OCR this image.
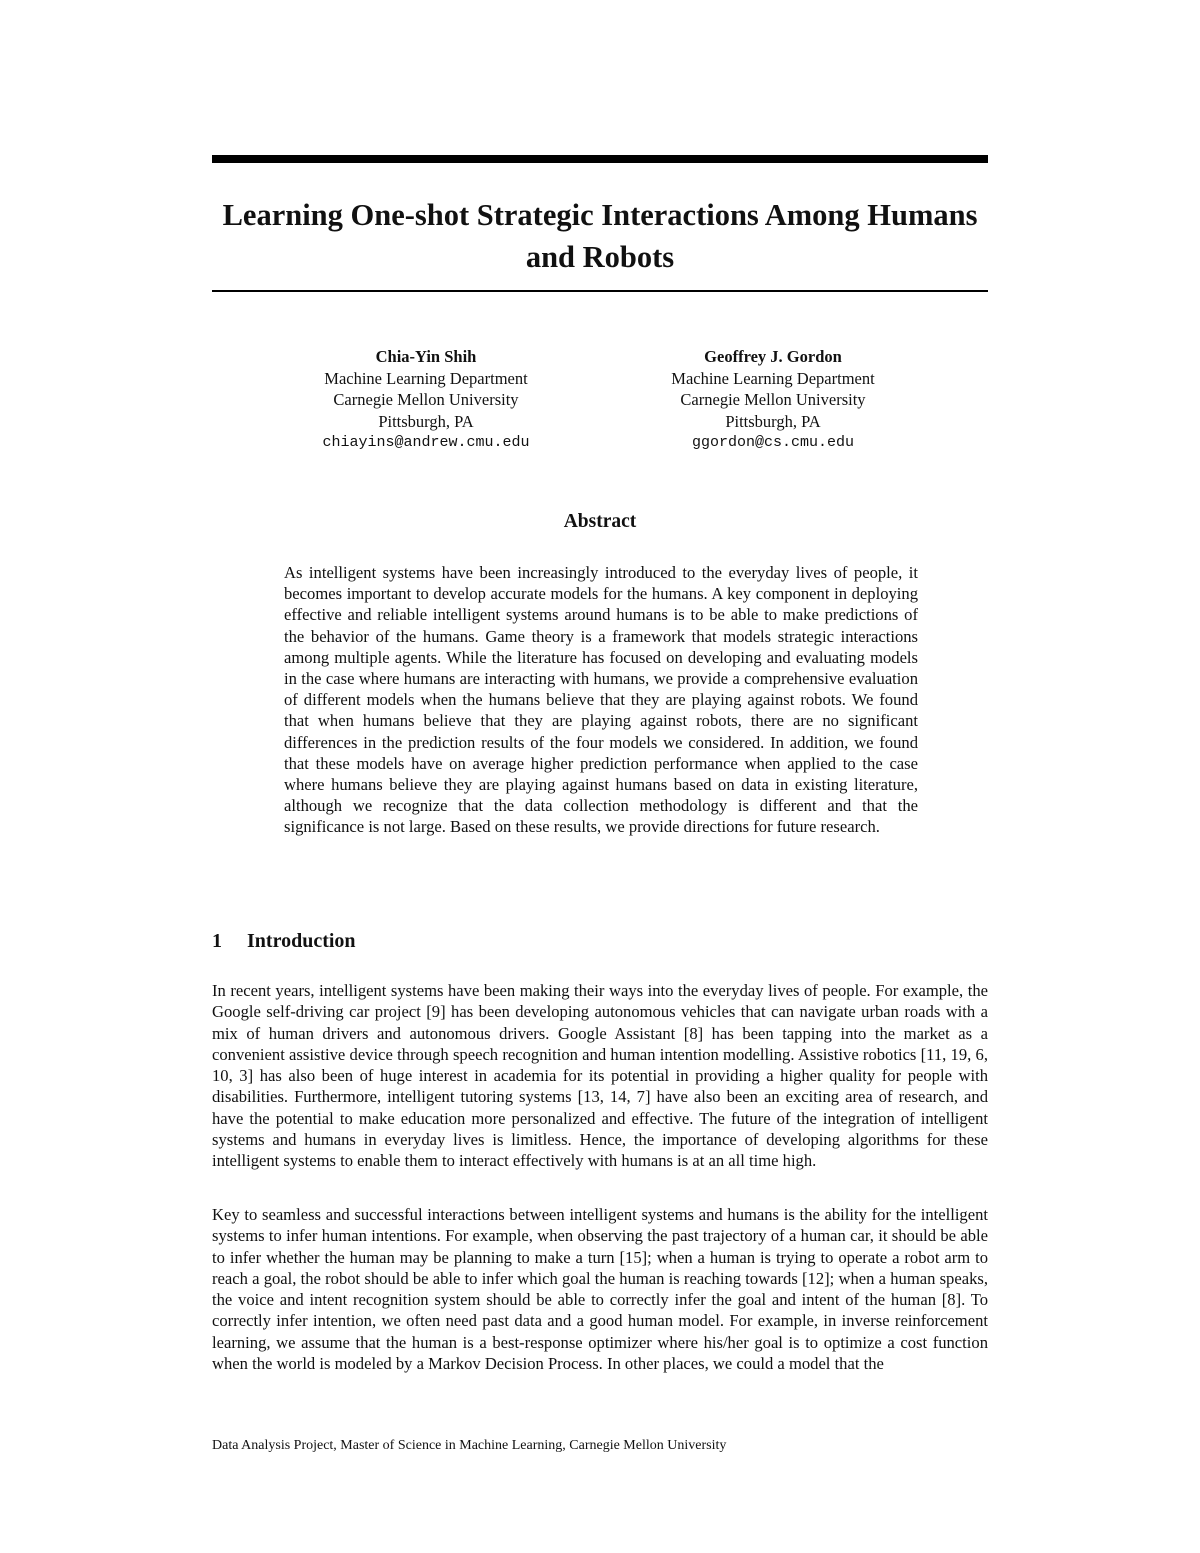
Learning One-shot Strategic Interactions Among Humans and Robots
Chia-Yin Shih
Machine Learning Department
Carnegie Mellon University
Pittsburgh, PA
chiayins@andrew.cmu.edu
Geoffrey J. Gordon
Machine Learning Department
Carnegie Mellon University
Pittsburgh, PA
ggordon@cs.cmu.edu
Abstract

As intelligent systems have been increasingly introduced to the everyday lives of people, it becomes important to develop accurate models for the humans. A key component in deploying effective and reliable intelligent systems around humans is to be able to make predictions of the behavior of the humans. Game theory is a framework that models strategic interactions among multiple agents. While the literature has focused on developing and evaluating models in the case where humans are interacting with humans, we provide a comprehensive evaluation of different models when the humans believe that they are playing against robots. We found that when humans believe that they are playing against robots, there are no significant differences in the prediction results of the four models we considered. In addition, we found that these models have on average higher prediction performance when applied to the case where humans believe they are playing against humans based on data in existing literature, although we recognize that the data collection methodology is different and that the significance is not large. Based on these results, we provide directions for future research.

1 Introduction

In recent years, intelligent systems have been making their ways into the everyday lives of people. For example, the Google self-driving car project [9] has been developing autonomous vehicles that can navigate urban roads with a mix of human drivers and autonomous drivers. Google Assistant [8] has been tapping into the market as a convenient assistive device through speech recognition and human intention modelling. Assistive robotics [11, 19, 6, 10, 3] has also been of huge interest in academia for its potential in providing a higher quality for people with disabilities. Furthermore, intelligent tutoring systems [13, 14, 7] have also been an exciting area of research, and have the potential to make education more personalized and effective. The future of the integration of intelligent systems and humans in everyday lives is limitless. Hence, the importance of developing algorithms for these intelligent systems to enable them to interact effectively with humans is at an all time high.

Key to seamless and successful interactions between intelligent systems and humans is the ability for the intelligent systems to infer human intentions. For example, when observing the past trajectory of a human car, it should be able to infer whether the human may be planning to make a turn [15]; when a human is trying to operate a robot arm to reach a goal, the robot should be able to infer which goal the human is reaching towards [12]; when a human speaks, the voice and intent recognition system should be able to correctly infer the goal and intent of the human [8]. To correctly infer intention, we often need past data and a good human model. For example, in inverse reinforcement learning, we assume that the human is a best-response optimizer where his/her goal is to optimize a cost function when the world is modeled by a Markov Decision Process. In other places, we could a model that the

Data Analysis Project, Master of Science in Machine Learning, Carnegie Mellon University
